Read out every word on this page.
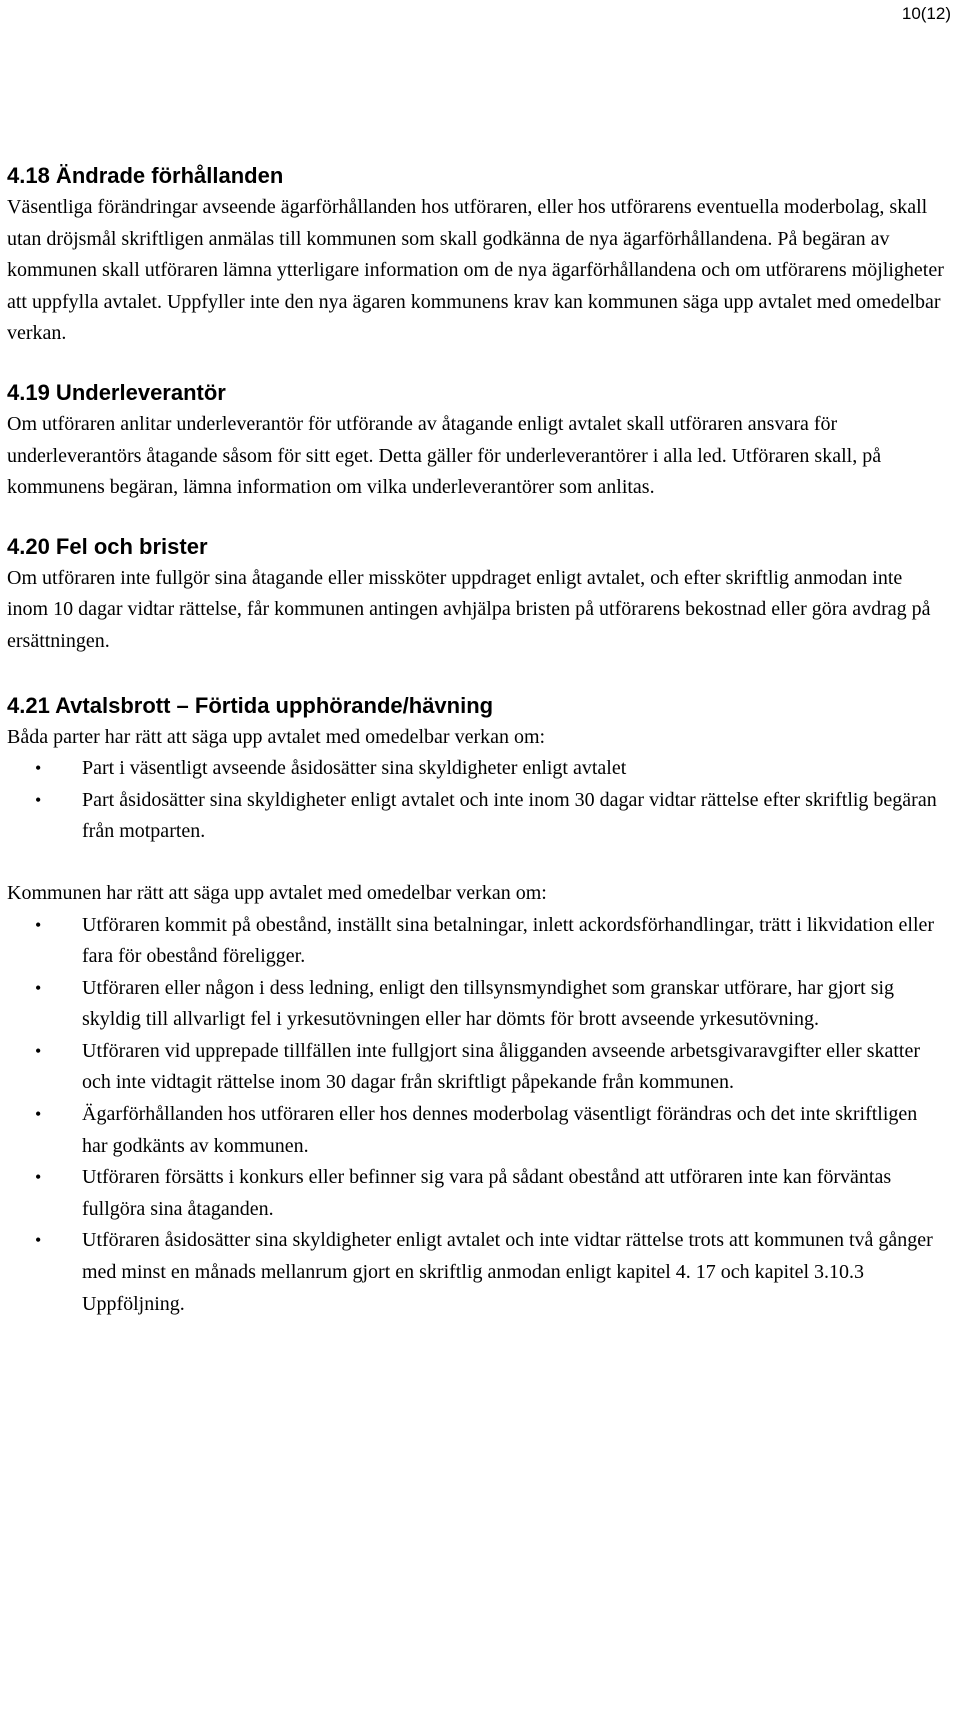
10(12)
4.18 Ändrade förhållanden

Väsentliga förändringar avseende ägarförhållanden hos utföraren, eller hos utförarens eventuella moderbolag, skall utan dröjsmål skriftligen anmälas till kommunen som skall godkänna de nya ägarförhållandena. På begäran av kommunen skall utföraren lämna ytterligare information om de nya ägarförhållandena och om utförarens möjligheter att uppfylla avtalet. Uppfyller inte den nya ägaren kommunens krav kan kommunen säga upp avtalet med omedelbar verkan.

4.19 Underleverantör

Om utföraren anlitar underleverantör för utförande av åtagande enligt avtalet skall utföraren ansvara för underleverantörs åtagande såsom för sitt eget. Detta gäller för underleverantörer i alla led. Utföraren skall, på kommunens begäran, lämna information om vilka underleverantörer som anlitas.

4.20 Fel och brister

Om utföraren inte fullgör sina åtagande eller missköter uppdraget enligt avtalet, och efter skriftlig anmodan inte inom 10 dagar vidtar rättelse, får kommunen antingen avhjälpa bristen på utförarens bekostnad eller göra avdrag på ersättningen.

4.21 Avtalsbrott – Förtida upphörande/hävning

Båda parter har rätt att säga upp avtalet med omedelbar verkan om:

• Part i väsentligt avseende åsidosätter sina skyldigheter enligt avtalet
• Part åsidosätter sina skyldigheter enligt avtalet och inte inom 30 dagar vidtar rättelse efter skriftlig begäran från motparten.

Kommunen har rätt att säga upp avtalet med omedelbar verkan om:

• Utföraren kommit på obestånd, inställt sina betalningar, inlett ackordsförhandlingar, trätt i likvidation eller fara för obestånd föreligger.
• Utföraren eller någon i dess ledning, enligt den tillsynsmyndighet som granskar utförare, har gjort sig skyldig till allvarligt fel i yrkesutövningen eller har dömts för brott avseende yrkesutövning.
• Utföraren vid upprepade tillfällen inte fullgjort sina åligganden avseende arbetsgivaravgifter eller skatter och inte vidtagit rättelse inom 30 dagar från skriftligt påpekande från kommunen.
• Ägarförhållanden hos utföraren eller hos dennes moderbolag väsentligt förändras och det inte skriftligen har godkänts av kommunen.
• Utföraren försätts i konkurs eller befinner sig vara på sådant obestånd att utföraren inte kan förväntas fullgöra sina åtaganden.
• Utföraren åsidosätter sina skyldigheter enligt avtalet och inte vidtar rättelse trots att kommunen två gånger med minst en månads mellanrum gjort en skriftlig anmodan enligt kapitel 4. 17 och kapitel 3.10.3 Uppföljning.
